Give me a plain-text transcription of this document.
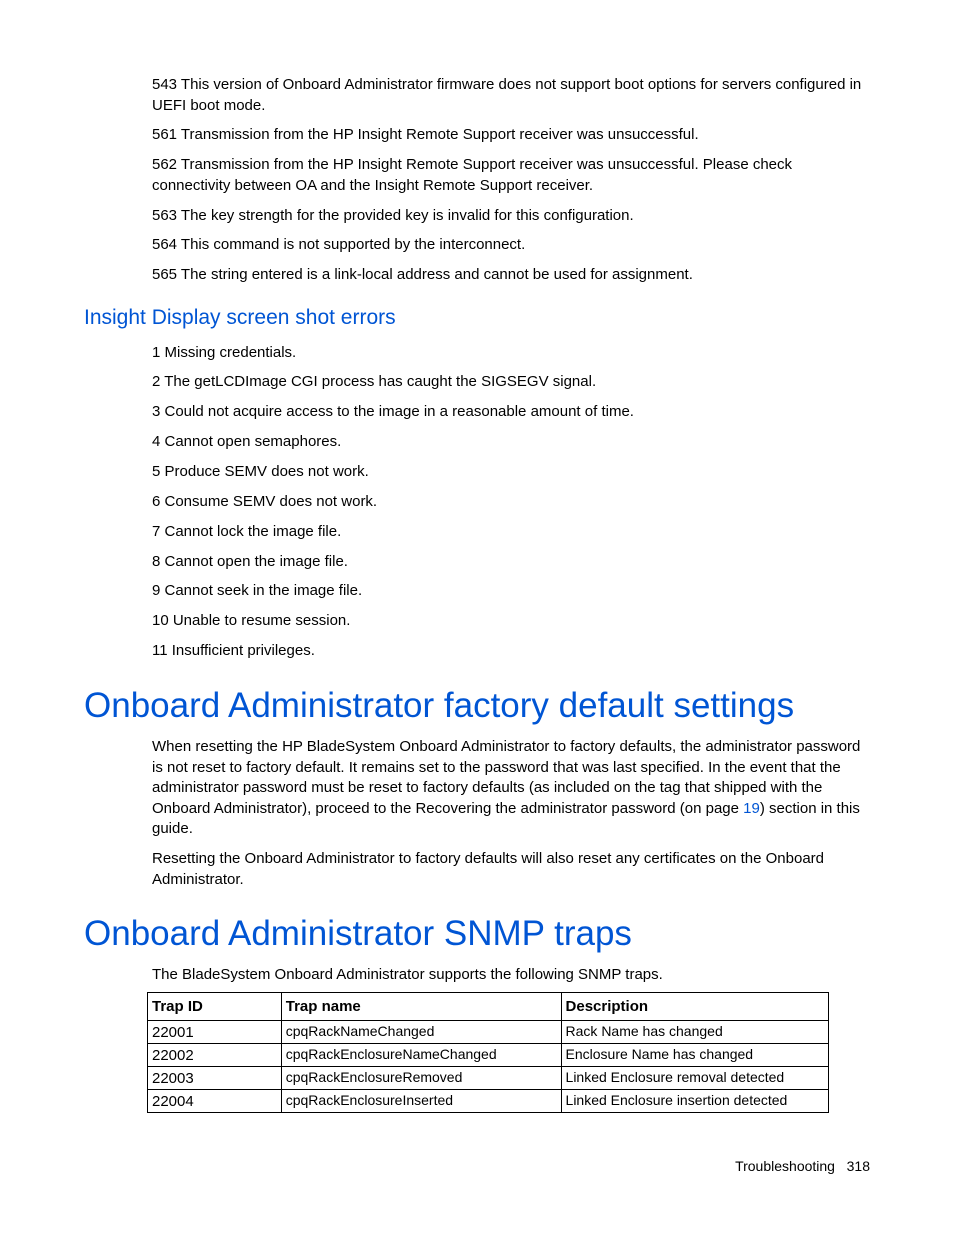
543 This version of Onboard Administrator firmware does not support boot options for servers configured in UEFI boot mode.

561 Transmission from the HP Insight Remote Support receiver was unsuccessful.

562 Transmission from the HP Insight Remote Support receiver was unsuccessful. Please check connectivity between OA and the Insight Remote Support receiver.

563 The key strength for the provided key is invalid for this configuration.

564 This command is not supported by the interconnect.

565 The string entered is a link-local address and cannot be used for assignment.

Insight Display screen shot errors

1 Missing credentials.

2 The getLCDImage CGI process has caught the SIGSEGV signal.

3 Could not acquire access to the image in a reasonable amount of time.

4 Cannot open semaphores.

5 Produce SEMV does not work.

6 Consume SEMV does not work.

7 Cannot lock the image file.

8 Cannot open the image file.

9 Cannot seek in the image file.

10 Unable to resume session.

11 Insufficient privileges.

Onboard Administrator factory default settings

When resetting the HP BladeSystem Onboard Administrator to factory defaults, the administrator password is not reset to factory default. It remains set to the password that was last specified. In the event that the administrator password must be reset to factory defaults (as included on the tag that shipped with the Onboard Administrator), proceed to the Recovering the administrator password (on page 19) section in this guide.

Resetting the Onboard Administrator to factory defaults will also reset any certificates on the Onboard Administrator.

Onboard Administrator SNMP traps

The BladeSystem Onboard Administrator supports the following SNMP traps.

Trap ID	Trap name	Description
22001	cpqRackNameChanged	Rack Name has changed
22002	cpqRackEnclosureNameChanged	Enclosure Name has changed
22003	cpqRackEnclosureRemoved	Linked Enclosure removal detected
22004	cpqRackEnclosureInserted	Linked Enclosure insertion detected
Troubleshooting 318
